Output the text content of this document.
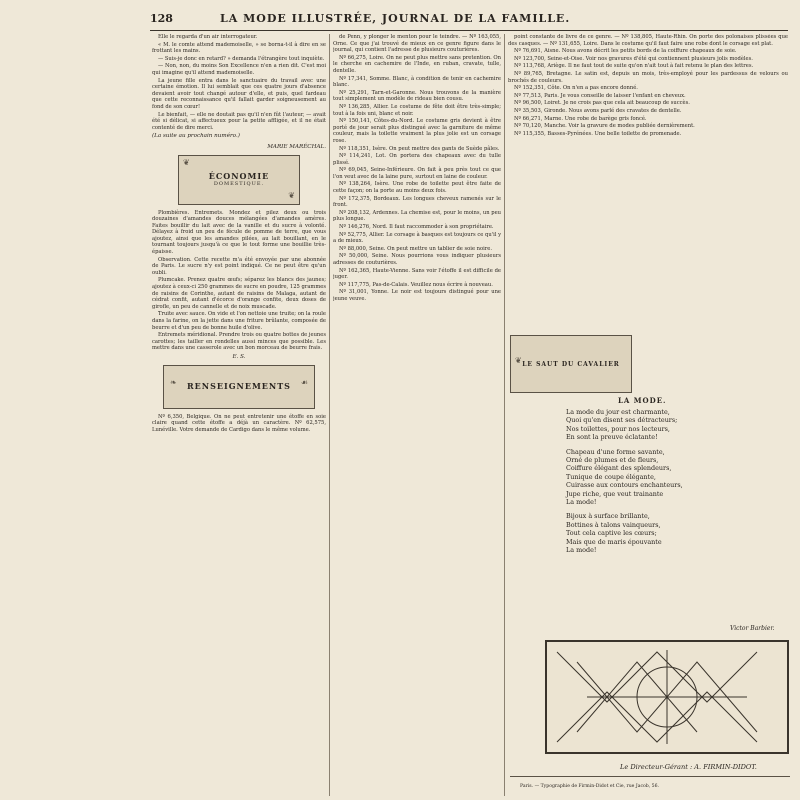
128	LA MODE ILLUSTRÉE, JOURNAL DE LA FAMILLE.

Elle le regarda d'un air interrogateur.

« M. le comte attend mademoiselle, » se borna-t-il à dire en se frottant les mains.

— Suis-je donc en retard? » demanda l'étrangère tout inquiète.

— Non, non, du moins Son Excellence n'en a rien dit. C'est moi qui imagine qu'il attend mademoiselle.

La jeune fille entra dans le sanctuaire du travail avec une certaine émotion. Il lui semblait que ces quatre jours d'absence devaient avoir tout changé autour d'elle, et puis, quel fardeau que cette reconnaissance qu'il fallait garder soigneusement au fond de son cœur!

Le bienfait, — elle ne doutait pas qu'il n'en fût l'auteur, — avait été si délicat, si affectueux pour la petite affligée, et il ne était contenté de dire merci.

(La suite au prochain numéro.)
MARIE MARÉCHAL.
❦
❦
ÉCONOMIE
DOMESTIQUE.

Plombières. Entremets. Mondez et pilez deux ou trois douzaines d'amandes douces mélangées d'amandes amères. Faites bouillir du lait avec de la vanille et du sucre à volonté. Délayez à froid un peu de fécule de pomme de terre, que vous ajoutez, ainsi que les amandes pilées, au lait bouillant, en le tournant toujours jusqu'à ce que le tout forme une bouillie très-épaisse.

Observation. Cette recette m'a été envoyée par une abonnée de Paris. Le sucre n'y est point indiqué. Ce ne peut être qu'un oubli.

Plumcake. Prenez quatre œufs; séparez les blancs des jaunes; ajoutez à ceux-ci 250 grammes de sucre en poudre, 125 grammes de raisins de Corinthe, autant de raisins de Malaga, autant de cédrat confit, autant d'écorce d'orange confite, deux doses de girofle, un peu de cannelle et de noix muscade.

Truite avec sauce. On vide et l'on nettoie une truite; on la roule dans la farine, on la jette dans une friture brûlante, composée de beurre et d'un peu de bonne huile d'olive.

Entremets méridional. Prendre trois ou quatre bottes de jeunes carottes; les tailler en rondelles aussi minces que possible. Les mettre dans une casserole avec un bon morceau de beurre frais.

E. S.
❧	☙
RENSEIGNEMENTS

Nº 6,350, Belgique. On ne peut entretenir une étoffe en soie claire quand cette étoffe a déjà un caractère. Nº 62,575, Lunéville. Votre demande de Cardigo dans le même volume.

de Penn, y plonger le menton pour le teindre. — Nº 163,055, Orne. Ce que j'ai trouvé de mieux en ce genre figure dans le journal, qui contient l'adresse de plusieurs couturières.

Nº 66,275, Loire. On ne peut plus mettre sans pretention. On le cherche en cachemire de l'Inde, en ruban, cravate, tulle, dentelle.

Nº 17,341, Somme. Blanc, à condition de tenir en cachemire blanc.

Nº 25,291, Tarn-et-Garonne. Nous trouvons de la manière tout simplement un modèle de rideau bien cousu.

Nº 136,285, Allier. Le costume de fête doit être très-simple; tout à la fois uni, blanc et noir.

Nº 150,141, Côtes-du-Nord. Le costume gris devient à être porté de jour serait plus distingué avec la garniture de même couleur, mais la toilette vraiment la plus jolie est un corsage rose.

Nº 118,351, Isère. On peut mettre des gants de Suède pâles.

Nº 114,241, Lot. On portera des chapeaux avec du tulle plissé.

Nº 69,045, Seine-Inférieure. On fait à peu près tout ce que l'on veut avec de la laine pure, surtout en laine de couleur.

Nº 138,264, Isère. Une robe de toilette peut être faite de cette façon; on la porte au moins deux fois.

Nº 172,375, Bordeaux. Les longues cheveux ramenés sur le front.

Nº 208,132, Ardennes. La chemise est, pour le moins, un peu plus longue.

Nº 146,276, Nord. Il faut raccommoder à son propriétaire.

Nº 52,775, Allier. Le corsage à basques est toujours ce qu'il y a de mieux.

Nº 88,000, Seine. On peut mettre un tablier de soie noire.

Nº 50,000, Seine. Nous pourrions vous indiquer plusieurs adresses de couturières.

Nº 162,365, Haute-Vienne. Sans voir l'étoffe il est difficile de juger.

Nº 117,775, Pas-de-Calais. Veuillez nous écrire à nouveau.

Nº 31,001, Yonne. Le noir est toujours distingué pour une jeune veuve.

point constante de livre de ce genre. — Nº 138,805, Haute-Rhin. On porte des polonaises plissées que des casques. — Nº 131,655, Loire. Dans le costume qu'il faut faire une robe dont le corsage est plat.

Nº 76,691, Aisne. Nous avons décrit les petits bords de la coiffure chapeaux de soie.

Nº 123,700, Seine-et-Oise. Voir nos gravures d'été qui contiennent plusieurs jolis modèles.

Nº 113,768, Ariège. Il ne faut tout de suite qu'on n'ait tout à fait retenu le plan des lettres.

Nº 89,765, Bretagne. Le satin est, depuis un mois, très-employé pour les pardessus de velours ou brochés de couleurs.

Nº 152,351, Côte. On n'en a pas encore donné.

Nº 77,513, Paris. Je vous conseille de laisser l'enfant en cheveux.

Nº 96,500, Loiret. Je ne crois pas que cela ait beaucoup de succès.

Nº 35,503, Gironde. Nous avons parlé des cravates de dentelle.

Nº 66,271, Marne. Une robe de barège gris foncé.

Nº 70,120, Manche. Voir la gravure de modes publiée dernièrement.

Nº 115,355, Basses-Pyrénées. Une belle toilette de promenade.

❦ LE SAUT DU CAVALIER
LA MODE.
La mode du jour est charmante,
Quoi qu'en disent ses détracteurs;
Nos toilettes, pour nos lecteurs,
En sont la preuve éclatante!
Chapeau d'une forme savante,
Orné de plumes et de fleurs,
Coiffure élégant des splendeurs,
Tunique de coupe élégante,
Cuirasse aux contours enchanteurs,
Jupe riche, que veut trainante
La mode!
Bijoux à surface brillante,
Bottines à talons vainqueurs,
Tout cela captive les cœurs;
Mais que de maris épouvante
La mode!
Victor Barbier.
Le Directeur-Gérant : A. FIRMIN-DIDOT.
Paris. — Typographie de Firmin-Didot et Cie, rue Jacob, 56.
